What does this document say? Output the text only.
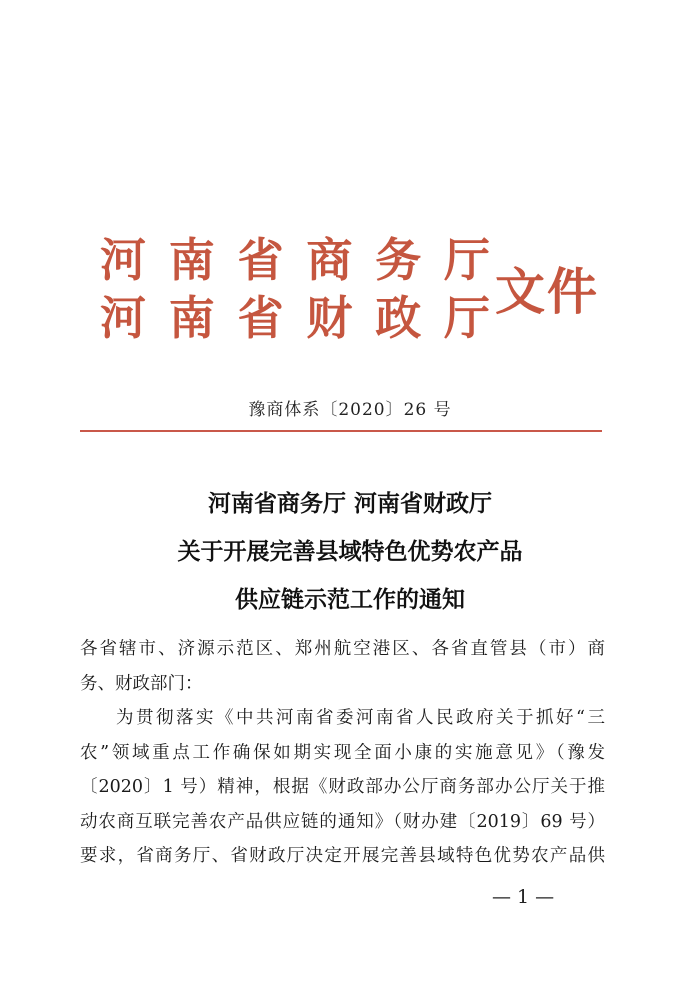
河 南 省 商 务 厅
河 南 省 财 政 厅 文件
豫商体系〔2020〕26 号
河南省商务厅 河南省财政厅
关于开展完善县域特色优势农产品
供应链示范工作的通知
各省辖市、济源示范区、郑州航空港区、各省直管县（市）商
务、财政部门：
为贯彻落实《中共河南省委河南省人民政府关于抓好“三
农”领域重点工作确保如期实现全面小康的实施意见》（豫发
〔2020〕1 号）精神，根据《财政部办公厅商务部办公厅关于推
动农商互联完善农产品供应链的通知》（财办建〔2019〕69 号）
要求，省商务厅、省财政厅决定开展完善县域特色优势农产品供
— 1 —
